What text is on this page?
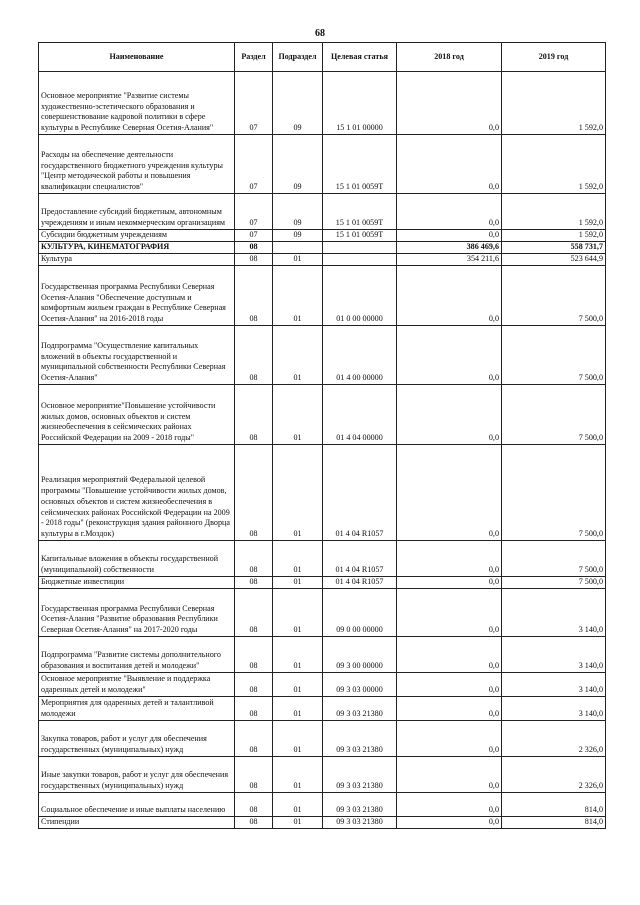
68
Наименование	Раздел	Подраздел	Целевая статья	2018 год	2019 год
Основное мероприятие "Развитие системы художественно-эстетического образования и совершенствование кадровой политики в сфере культуры в Республике Северная Осетия-Алания"	07	09	15 1 01 00000	0,0	1 592,0
Расходы на обеспечение деятельности государственного бюджетного учреждения культуры "Центр методической работы и повышения квалификации специалистов"	07	09	15 1 01 0059Т	0,0	1 592,0
Предоставление субсидий бюджетным, автономным учреждениям и иным некоммерческим организациям	07	09	15 1 01 0059Т	0,0	1 592,0
Субсидии бюджетным учреждениям	07	09	15 1 01 0059Т	0,0	1 592,0
КУЛЬТУРА, КИНЕМАТОГРАФИЯ	08			386 469,6	558 731,7
Культура	08	01		354 211,6	523 644,9
Государственная программа Республики Северная Осетия-Алания "Обеспечение доступным и комфортным жильем граждан в Республике Северная Осетия-Алания" на 2016-2018 годы	08	01	01 0 00 00000	0,0	7 500,0
Подпрограмма "Осуществление капитальных вложений в объекты государственной и муниципальной собственности Республики Северная Осетия-Алания"	08	01	01 4 00 00000	0,0	7 500,0
Основное мероприятие"Повышение устойчивости жилых домов, основных объектов и систем жизнеобеспечения в сейсмических районах Российской Федерации на 2009 - 2018 годы"	08	01	01 4 04 00000	0,0	7 500,0
Реализация мероприятий Федеральной целевой программы "Повышение устойчивости жилых домов, основных объектов и систем жизнеобеспечения в сейсмических районах Российской Федерации на 2009 - 2018 годы" (реконструкция здания районного Дворца культуры в г.Моздок)	08	01	01 4 04 R1057	0,0	7 500,0
Капитальные вложения в объекты государственной (муниципальной) собственности	08	01	01 4 04 R1057	0,0	7 500,0
Бюджетные инвестиции	08	01	01 4 04 R1057	0,0	7 500,0
Государственная программа Республики Северная Осетия-Алания "Развитие образования Республики Северная Осетия-Алания" на 2017-2020 годы	08	01	09 0 00 00000	0,0	3 140,0
Подпрограмма "Развитие системы дополнительного образования и воспитания детей и молодежи"	08	01	09 3 00 00000	0,0	3 140,0
Основное мероприятие "Выявление и поддержка одаренных детей и молодежи"	08	01	09 3 03 00000	0,0	3 140,0
Мероприятия для одаренных детей и талантливой молодежи	08	01	09 3 03 21380	0,0	3 140,0
Закупка товаров, работ и услуг для обеспечения государственных (муниципальных) нужд	08	01	09 3 03 21380	0,0	2 326,0
Иные закупки товаров, работ и услуг для обеспечения государственных (муниципальных) нужд	08	01	09 3 03 21380	0,0	2 326,0
Социальное обеспечение и иные выплаты населению	08	01	09 3 03 21380	0,0	814,0
Стипендии	08	01	09 3 03 21380	0,0	814,0
